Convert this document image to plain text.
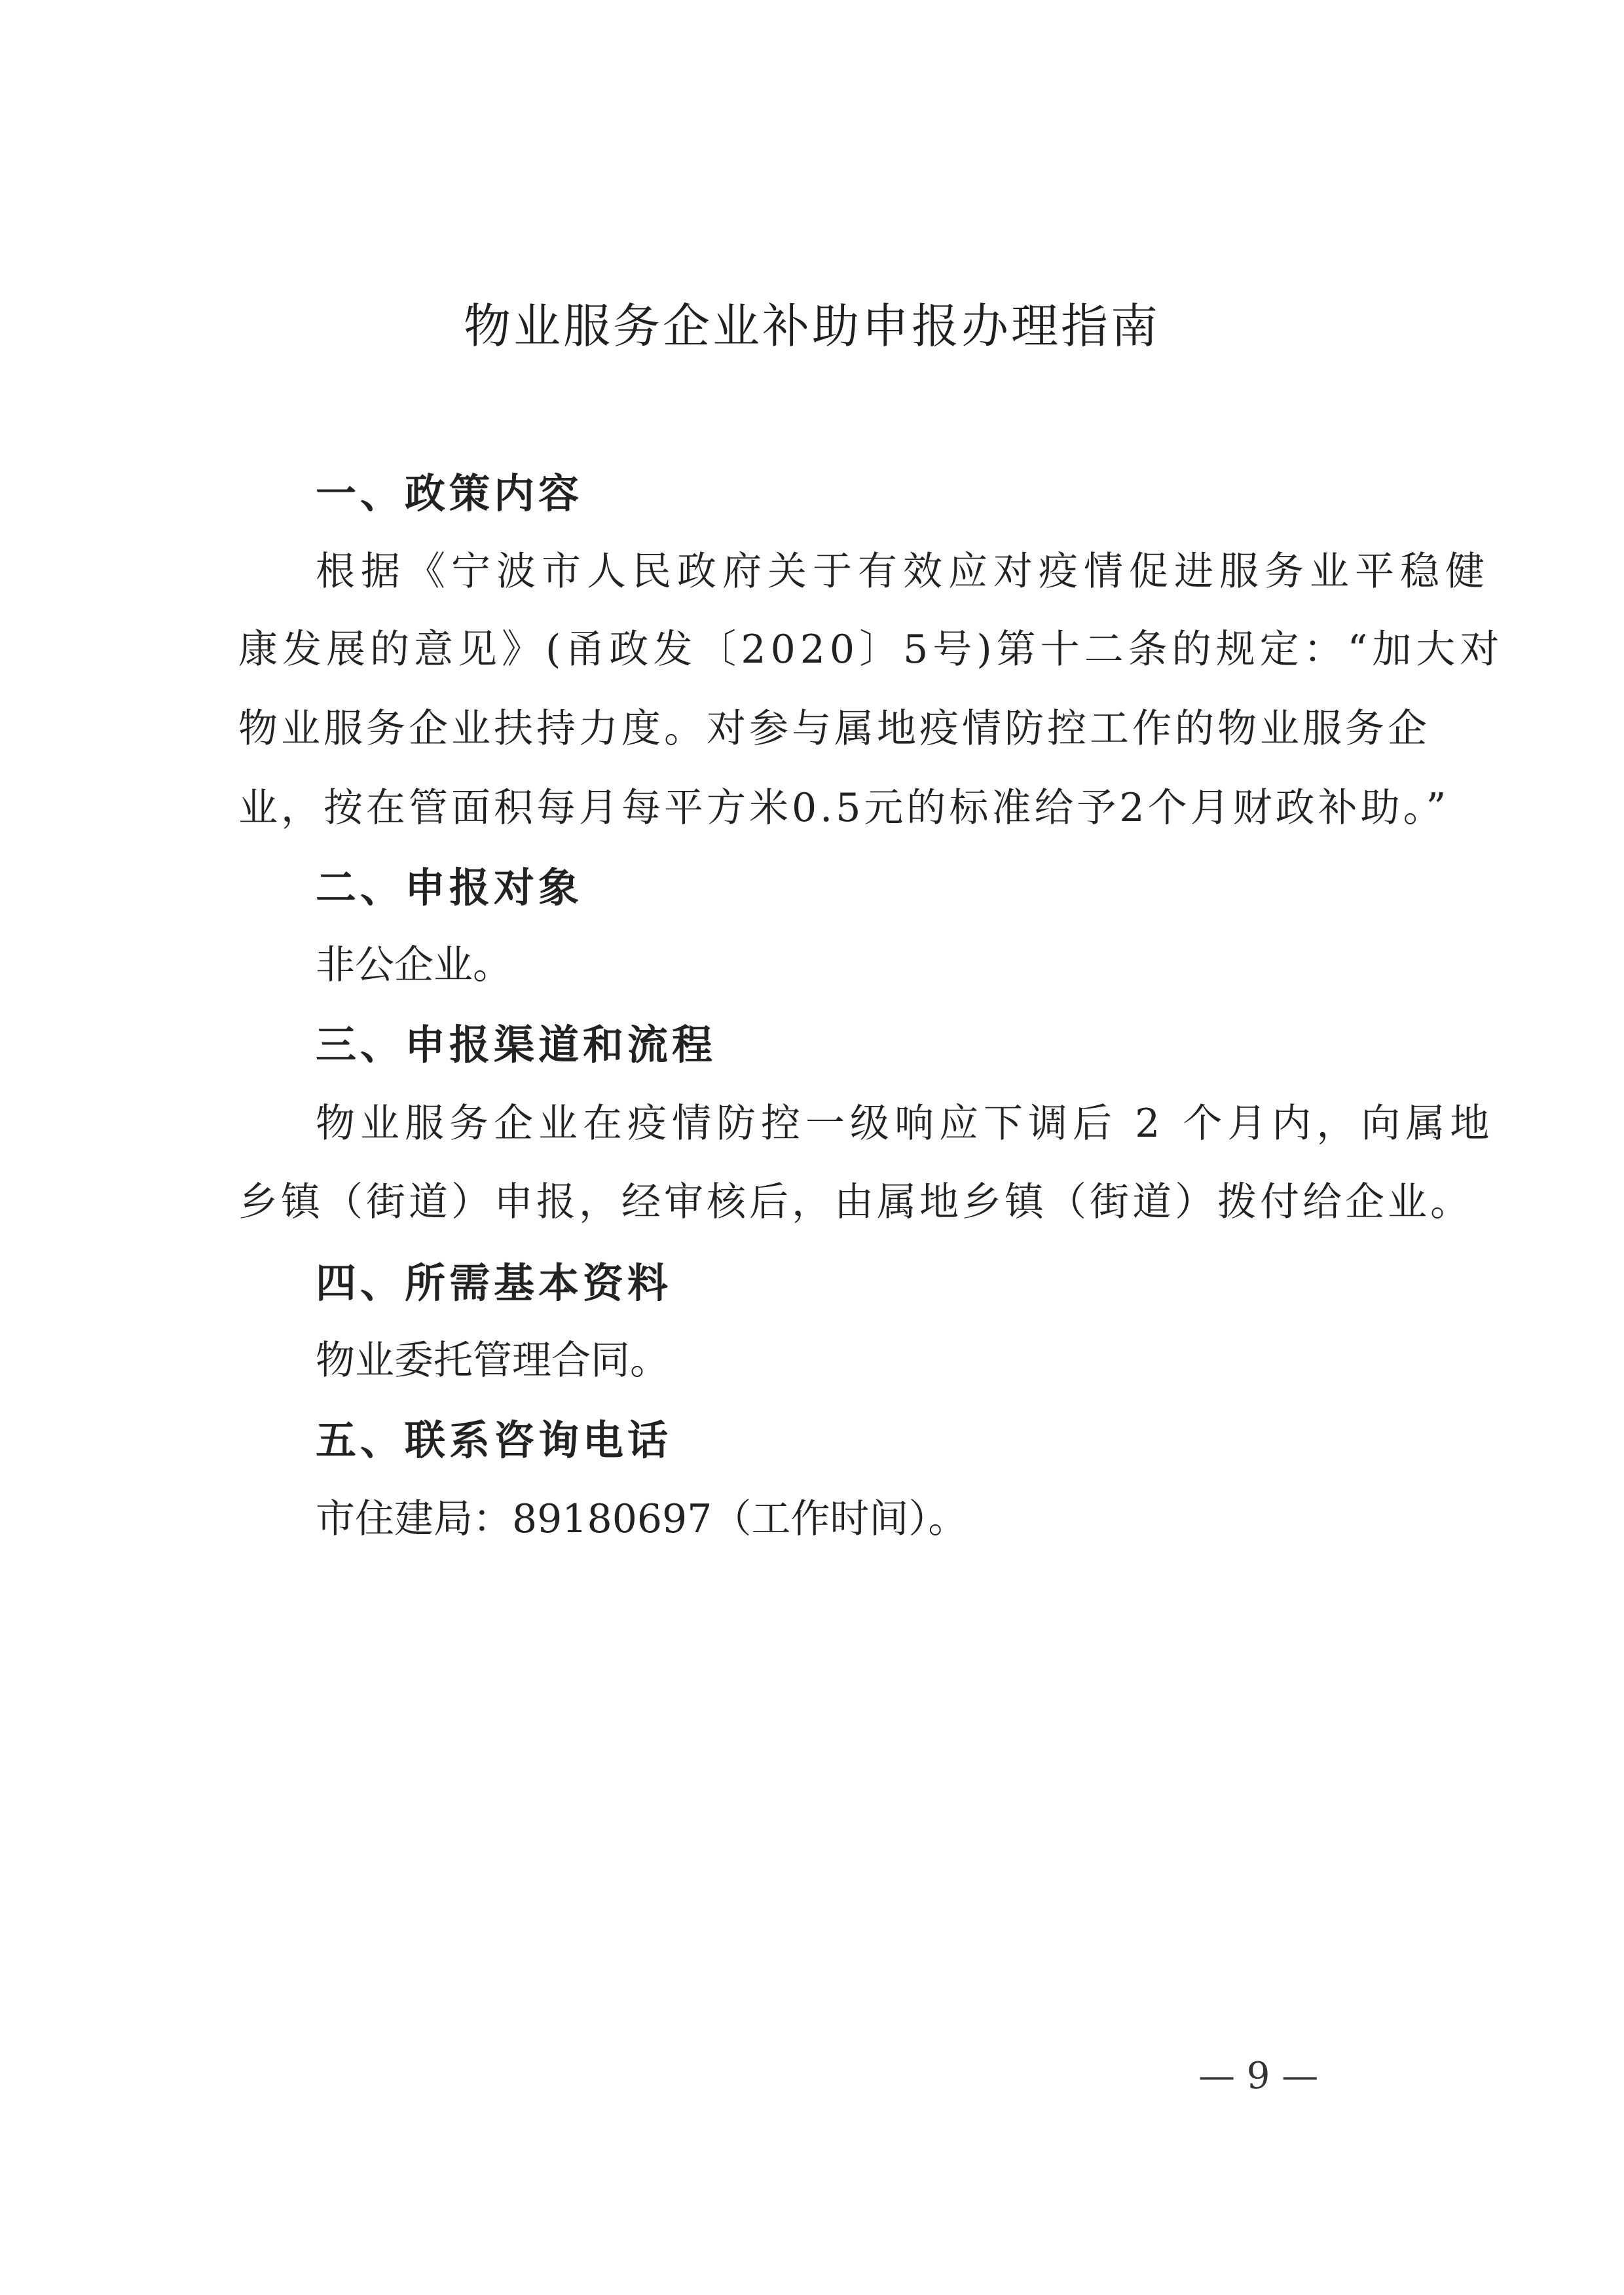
物业服务企业补助申报办理指南
一、政策内容
根据《宁波市人民政府关于有效应对疫情促进服务业平稳健
康发展的意见》(甬政发〔2020〕5号)第十二条的规定：“加大对
物业服务企业扶持力度。对参与属地疫情防控工作的物业服务企
业，按在管面积每月每平方米0.5元的标准给予2个月财政补助。”
二、申报对象
非公企业。
三、申报渠道和流程
物业服务企业在疫情防控一级响应下调后 2 个月内，向属地
乡镇（街道）申报，经审核后，由属地乡镇（街道）拨付给企业。
四、所需基本资料
物业委托管理合同。
五、联系咨询电话
市住建局：89180697（工作时间）。
— 9 —
